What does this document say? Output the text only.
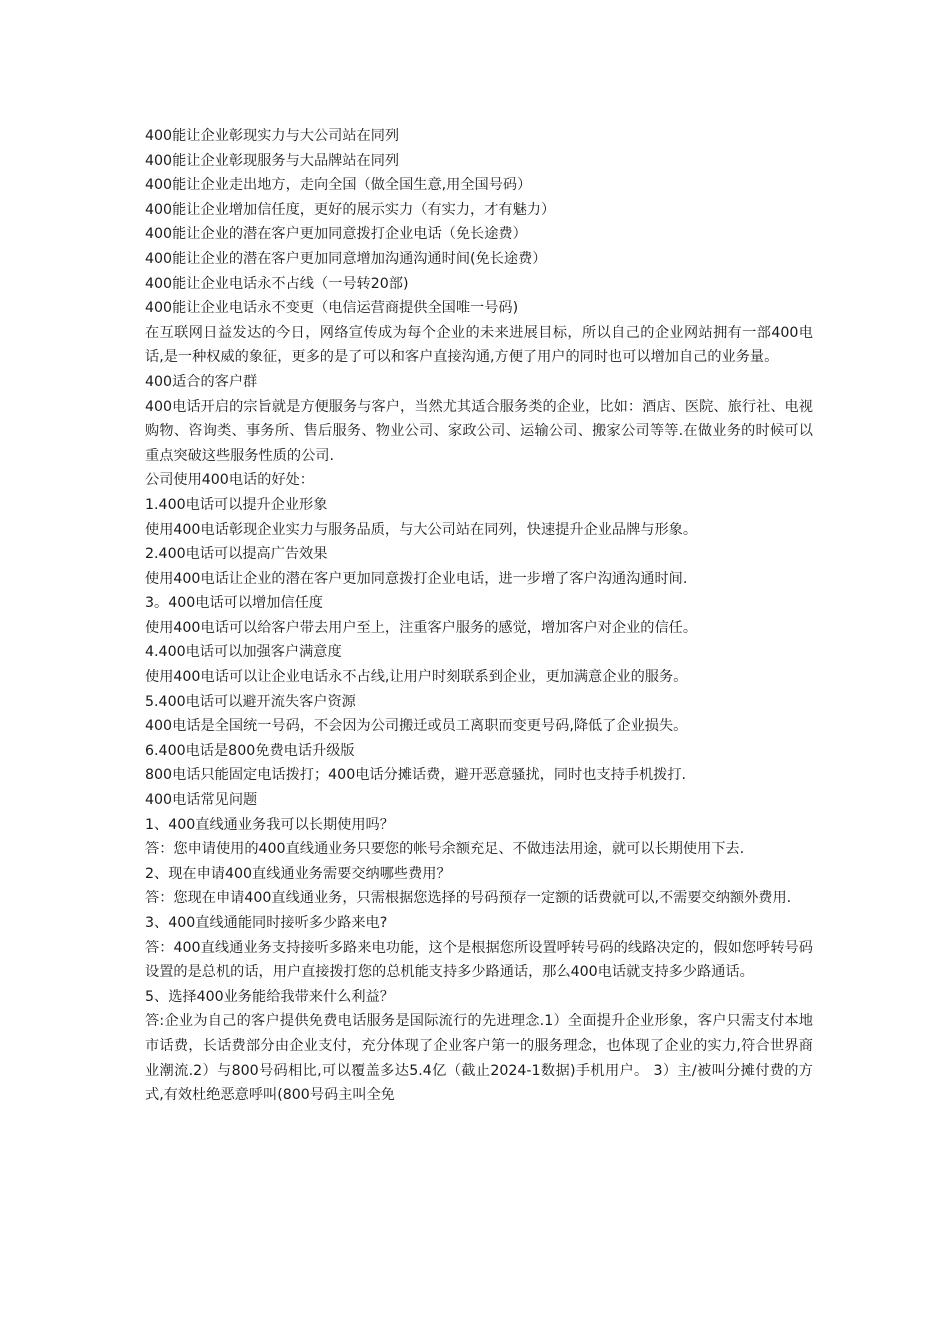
400能让企业彰现实力与大公司站在同列

400能让企业彰现服务与大品牌站在同列

400能让企业走出地方，走向全国（做全国生意,用全国号码）

400能让企业增加信任度，更好的展示实力（有实力，才有魅力）

400能让企业的潜在客户更加同意拨打企业电话（免长途费）

400能让企业的潜在客户更加同意增加沟通沟通时间(免长途费）

400能让企业电话永不占线（一号转20部)

400能让企业电话永不变更（电信运营商提供全国唯一号码)

在互联网日益发达的今日，网络宣传成为每个企业的未来进展目标，所以自己的企业网站拥有一部400电话,是一种权威的象征，更多的是了可以和客户直接沟通,方便了用户的同时也可以增加自己的业务量。

400适合的客户群

400电话开启的宗旨就是方便服务与客户，当然尤其适合服务类的企业，比如：酒店、医院、旅行社、电视购物、咨询类、事务所、售后服务、物业公司、家政公司、运输公司、搬家公司等等.在做业务的时候可以重点突破这些服务性质的公司.

公司使用400电话的好处：

1.400电话可以提升企业形象

使用400电话彰现企业实力与服务品质，与大公司站在同列，快速提升企业品牌与形象。

2.400电话可以提高广告效果

使用400电话让企业的潜在客户更加同意拨打企业电话，进一步增了客户沟通沟通时间.

3。400电话可以增加信任度

使用400电话可以给客户带去用户至上，注重客户服务的感觉，增加客户对企业的信任。

4.400电话可以加强客户满意度

使用400电话可以让企业电话永不占线,让用户时刻联系到企业，更加满意企业的服务。

5.400电话可以避开流失客户资源

400电话是全国统一号码，不会因为公司搬迁或员工离职而变更号码,降低了企业损失。

6.400电话是800免费电话升级版

800电话只能固定电话拨打；400电话分摊话费，避开恶意骚扰，同时也支持手机拨打.

400电话常见问题

1、400直线通业务我可以长期使用吗？

答：您申请使用的400直线通业务只要您的帐号余额充足、不做违法用途，就可以长期使用下去.

2、现在申请400直线通业务需要交纳哪些费用？

答：您现在申请400直线通业务，只需根据您选择的号码预存一定额的话费就可以,不需要交纳额外费用.

3、400直线通能同时接听多少路来电?

答：400直线通业务支持接听多路来电功能，这个是根据您所设置呼转号码的线路决定的，假如您呼转号码设置的是总机的话，用户直接拨打您的总机能支持多少路通话，那么400电话就支持多少路通话。

5、选择400业务能给我带来什么利益？

答:企业为自己的客户提供免费电话服务是国际流行的先进理念.1）全面提升企业形象，客户只需支付本地市话费，长话费部分由企业支付，充分体现了企业客户第一的服务理念，也体现了企业的实力,符合世界商业潮流.2）与800号码相比,可以覆盖多达5.4亿（截止2024-1数据)手机用户。 3）主/被叫分摊付费的方式,有效杜绝恶意呼叫(800号码主叫全免
